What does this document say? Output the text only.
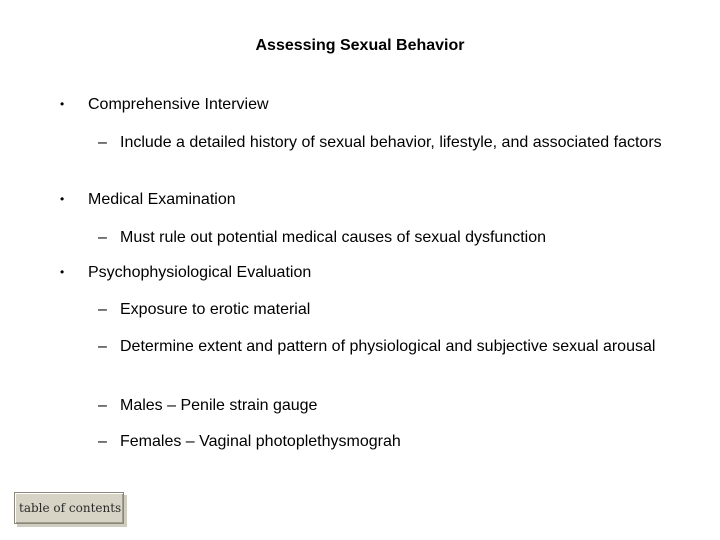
Assessing Sexual Behavior
• Comprehensive Interview
– Include a detailed history of sexual behavior, lifestyle, and associated factors
• Medical Examination
– Must rule out potential medical causes of sexual dysfunction
• Psychophysiological Evaluation
– Exposure to erotic material
– Determine extent and pattern of physiological and subjective sexual arousal
– Males – Penile strain gauge
– Females – Vaginal photoplethysmograh
table of contents
